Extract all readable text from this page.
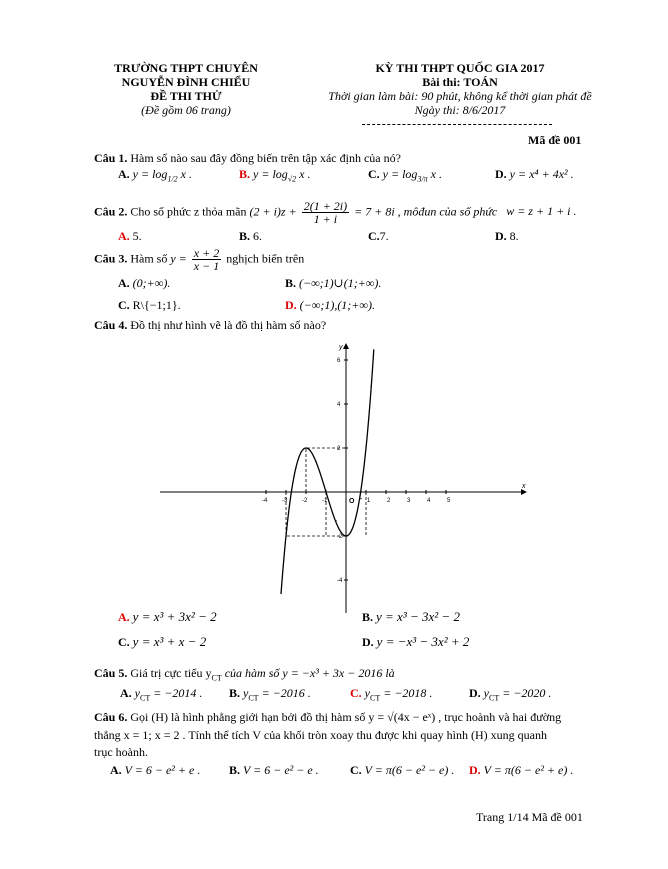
TRƯỜNG THPT CHUYÊN
NGUYỄN ĐÌNH CHIỂU
ĐỀ THI THỬ
(Đề gồm 06 trang)
KỲ THI THPT QUỐC GIA 2017
Bài thi: TOÁN
Thời gian làm bài: 90 phút, không kể thời gian phát đề
Ngày thi: 8/6/2017
Mã đề 001
Câu 1. Hàm số nào sau đây đồng biến trên tập xác định của nó?
A. $y = \log_{1/2} x$ .	B. $y = \log_{√2} x$ .	C. $y = \log_{3/\pi} x$ .	D. y = x⁴ + 4x² .
Câu 2. Cho số phức z thỏa mãn $(2 + i)z + \frac{2(1 + 2i)}{1 + i} = 7 + 8i$ , môđun của số phức w = z + 1 + i .
A. 5.	B. 6.	C.7.	D. 8.
Câu 3. Hàm số $y = \frac{x + 2}{x - 1}$ nghịch biến trên
A. (0;+∞).	B. (−∞;1)∪(1;+∞).
C. R\{−1;1}.	D. (−∞;1),(1;+∞).
Câu 4. Đồ thị như hình vẽ là đồ thị hàm số nào?
-4 -3 -2 -1	1	2	3	4	5
6
4
2
-2
-4
x
y
O
A. y = x³ + 3x² − 2	B. y = x³ − 3x² − 2
C. y = x³ + x − 2	D. y = −x³ − 3x² + 2
Câu 5. Giá trị cực tiểu $y_{CT}$ của hàm số y = −x³ + 3x − 2016 là
A. $y_{CT} = -2014$ . B. $y_{CT} = -2016$ .	C. $y_{CT} = -2018$ .	D. $y_{CT} = -2020$ .
Câu 6. Gọi (H) là hình phẳng giới hạn bởi đồ thị hàm số y = √(4x − eˣ) , trục hoành và hai đường
thẳng x = 1; x = 2 . Tính thể tích V của khối tròn xoay thu được khi quay hình (H) xung quanh
trục hoành.
A. V = 6 − e² + e . B. V = 6 − e² − e .	C. V = π(6 − e² − e) . D. V = π(6 − e² + e) .
Trang 1/14 Mã đề 001
